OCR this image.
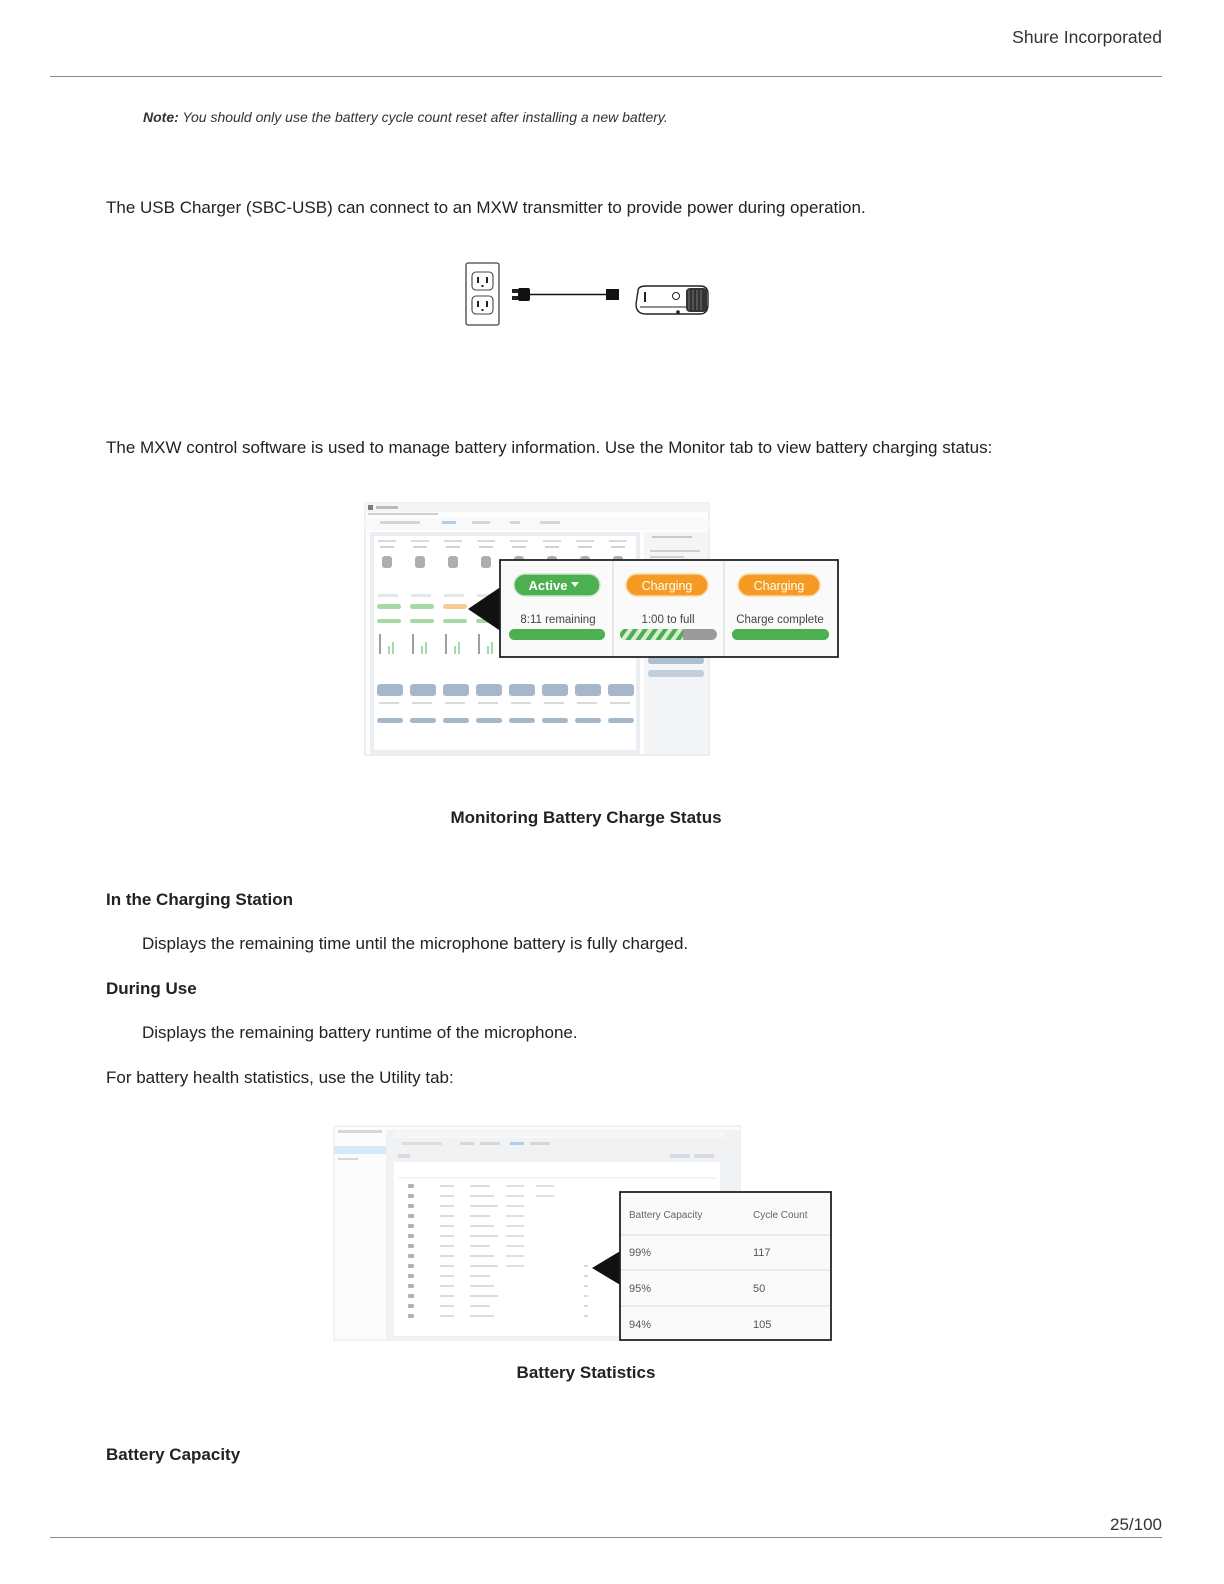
Shure Incorporated
Note: You should only use the battery cycle count reset after installing a new battery.
The USB Charger (SBC-USB) can connect to an MXW transmitter to provide power during operation.
The MXW control software is used to manage battery information. Use the Monitor tab to view battery charging status:
Active
8:11 remaining
Charging
1:00 to full
Charging
Charge complete
Monitoring Battery Charge Status
In the Charging Station
Displays the remaining time until the microphone battery is fully charged.
During Use
Displays the remaining battery runtime of the microphone.
For battery health statistics, use the Utility tab:
Battery Capacity	Cycle Count
99%	117
95%	50
94%	105
Battery Statistics
Battery Capacity
25/100
